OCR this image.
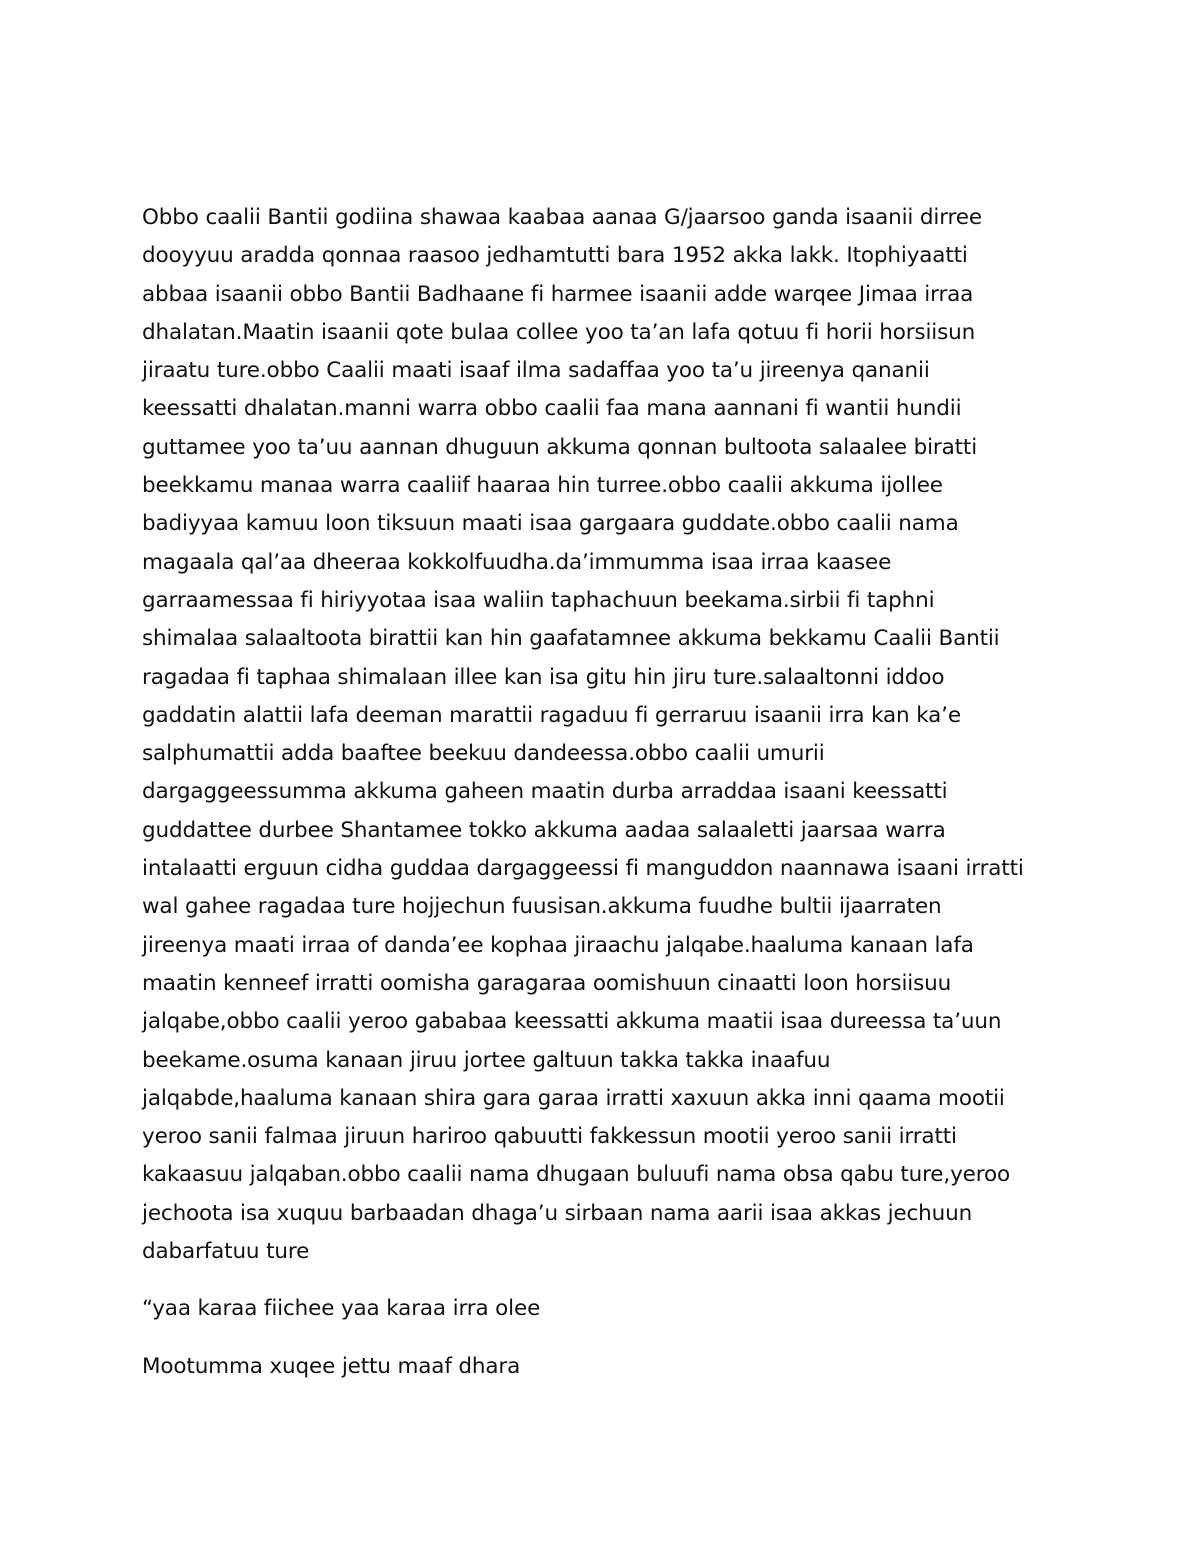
Obbo caalii Bantii godiina shawaa kaabaa aanaa G/jaarsoo ganda isaanii dirree
dooyyuu aradda qonnaa raasoo jedhamtutti bara 1952 akka lakk. Itophiyaatti
abbaa isaanii obbo Bantii Badhaane fi harmee isaanii adde warqee Jimaa irraa
dhalatan.Maatin isaanii qote bulaa collee yoo ta’an lafa qotuu fi horii horsiisun
jiraatu ture.obbo Caalii maati isaaf ilma sadaffaa yoo ta’u jireenya qananii
keessatti dhalatan.manni warra obbo caalii faa mana aannani fi wantii hundii
guttamee yoo ta’uu aannan dhuguun akkuma qonnan bultoota salaalee biratti
beekkamu manaa warra caaliif haaraa hin turree.obbo caalii akkuma ijollee
badiyyaa kamuu loon tiksuun maati isaa gargaara guddate.obbo caalii nama
magaala qal’aa dheeraa kokkolfuudha.da’immumma isaa irraa kaasee
garraamessaa fi hiriyyotaa isaa waliin taphachuun beekama.sirbii fi taphni
shimalaa salaaltoota birattii kan hin gaafatamnee akkuma bekkamu Caalii Bantii
ragadaa fi taphaa shimalaan illee kan isa gitu hin jiru ture.salaaltonni iddoo
gaddatin alattii lafa deeman marattii ragaduu fi gerraruu isaanii irra kan ka’e
salphumattii adda baaftee beekuu dandeessa.obbo caalii umurii
dargaggeessumma akkuma gaheen maatin durba arraddaa isaani keessatti
guddattee durbee Shantamee tokko akkuma aadaa salaaletti jaarsaa warra
intalaatti erguun cidha guddaa dargaggeessi fi manguddon naannawa isaani irratti
wal gahee ragadaa ture hojjechun fuusisan.akkuma fuudhe bultii ijaarraten
jireenya maati irraa of danda’ee kophaa jiraachu jalqabe.haaluma kanaan lafa
maatin kenneef irratti oomisha garagaraa oomishuun cinaatti loon horsiisuu
jalqabe,obbo caalii yeroo gababaa keessatti akkuma maatii isaa dureessa ta’uun
beekame.osuma kanaan jiruu jortee galtuun takka takka inaafuu
jalqabde,haaluma kanaan shira gara garaa irratti xaxuun akka inni qaama mootii
yeroo sanii falmaa jiruun hariroo qabuutti fakkessun mootii yeroo sanii irratti
kakaasuu jalqaban.obbo caalii nama dhugaan buluufi nama obsa qabu ture,yeroo
jechoota isa xuquu barbaadan dhaga’u sirbaan nama aarii isaa akkas jechuun
dabarfatuu ture
“yaa karaa fiichee yaa karaa irra olee
Mootumma xuqee jettu maaf dhara
